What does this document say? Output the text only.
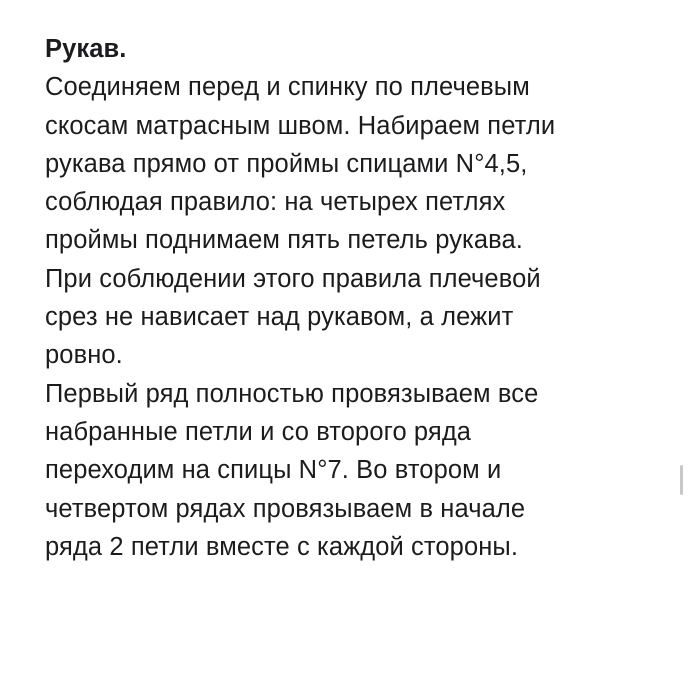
Рукав.
Соединяем перед и спинку по плечевым
скосам матрасным швом. Набираем петли
рукава прямо от проймы спицами N°4,5,
соблюдая правило: на четырех петлях
проймы поднимаем пять петель рукава.
При соблюдении этого правила плечевой
срез не нависает над рукавом, а лежит
ровно.
Первый ряд полностью провязываем все
набранные петли и со второго ряда
переходим на спицы N°7. Во втором и
четвертом рядах провязываем в начале
ряда 2 петли вместе с каждой стороны.
